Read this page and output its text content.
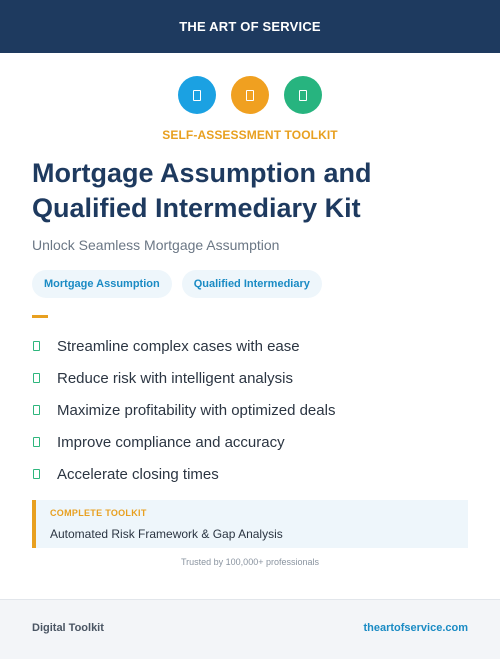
THE ART OF SERVICE
SELF-ASSESSMENT TOOLKIT
Mortgage Assumption and
Qualified Intermediary Kit
Unlock Seamless Mortgage Assumption
Mortgage Assumption	Qualified Intermediary
Streamline complex cases with ease
Reduce risk with intelligent analysis
Maximize profitability with optimized deals
Improve compliance and accuracy
Accelerate closing times
COMPLETE TOOLKIT
Automated Risk Framework & Gap Analysis
Trusted by 100,000+ professionals
Digital Toolkit	theartofservice.com
